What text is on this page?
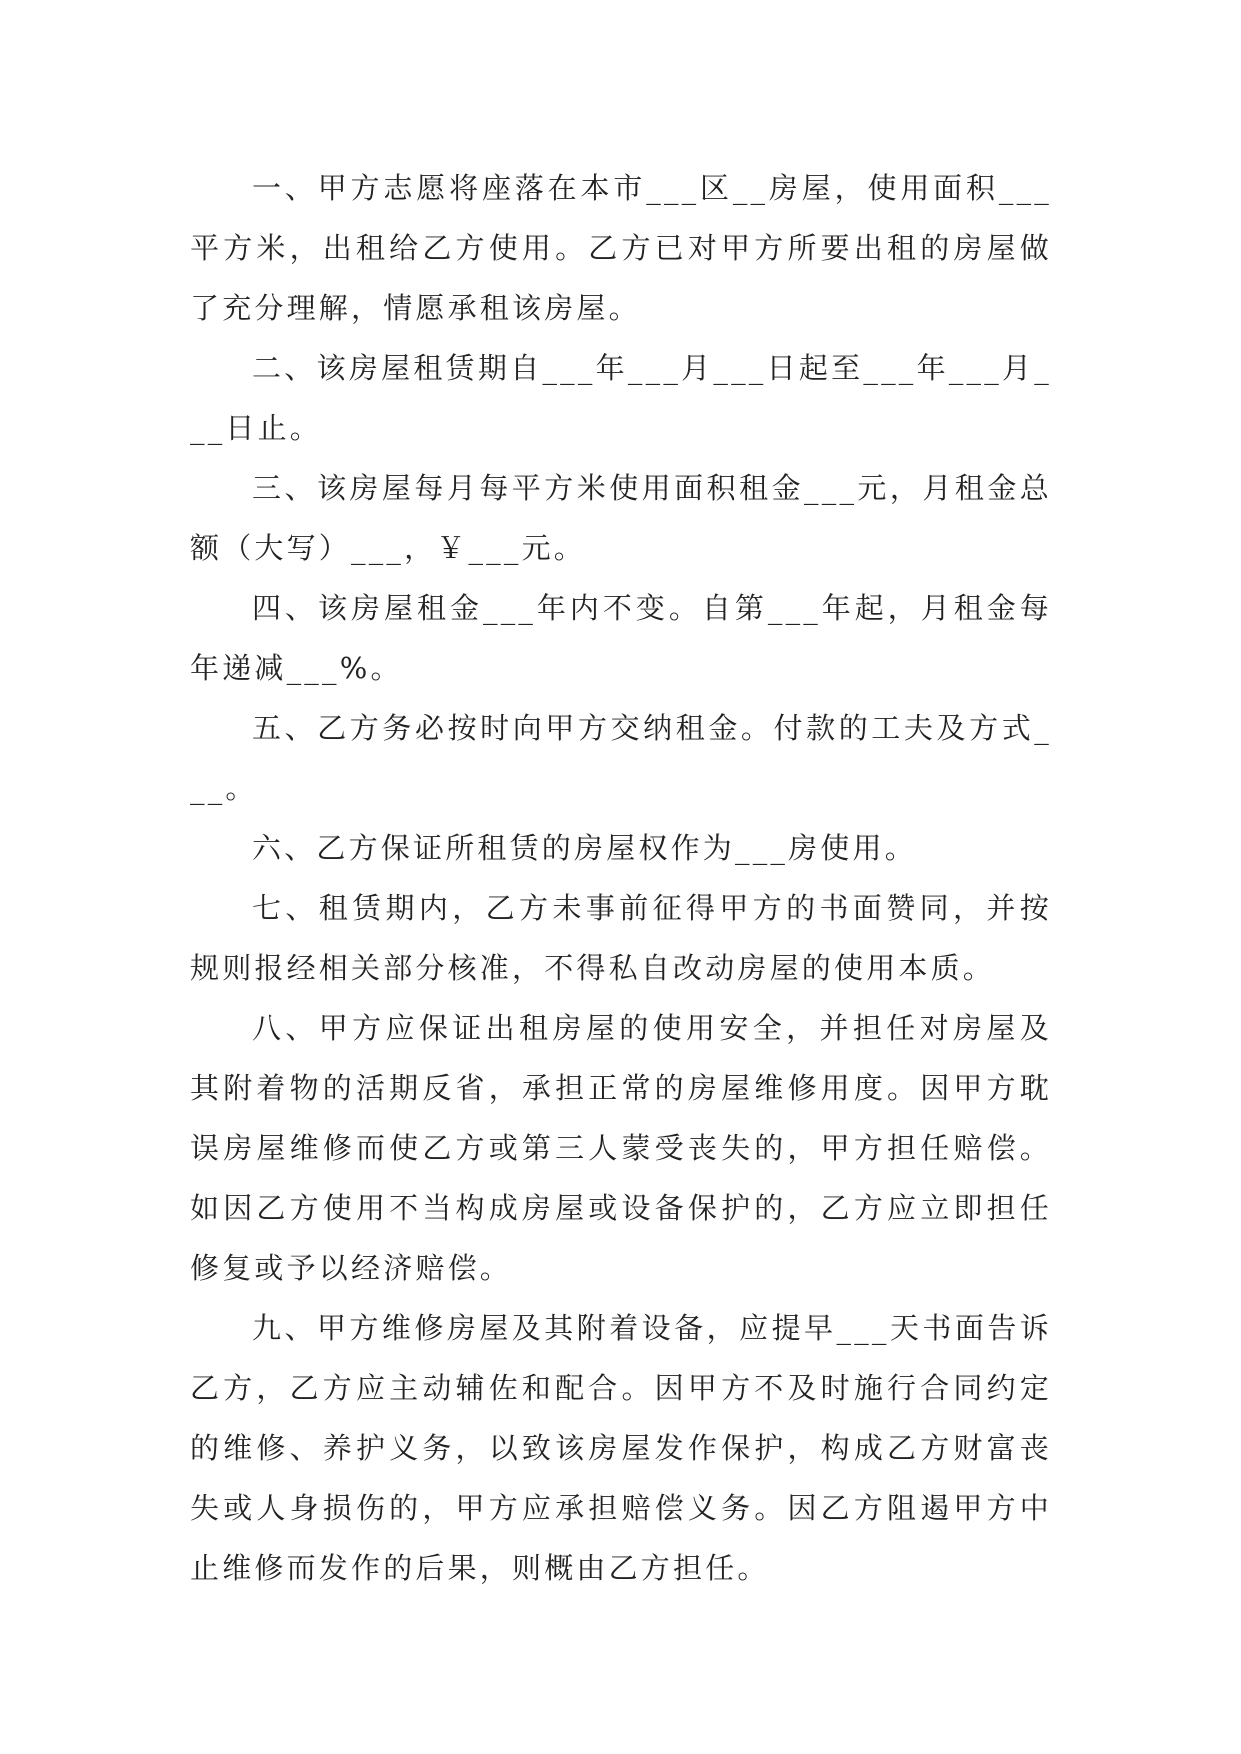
一、甲方志愿将座落在本市___区__房屋，使用面积___平方米，出租给乙方使用。乙方已对甲方所要出租的房屋做了充分理解，情愿承租该房屋。

二、该房屋租赁期自___年___月___日起至___年___月___日止。

三、该房屋每月每平方米使用面积租金___元，月租金总额（大写）___，￥___元。

四、该房屋租金___年内不变。自第___年起，月租金每年递减___%。

五、乙方务必按时向甲方交纳租金。付款的工夫及方式___。

六、乙方保证所租赁的房屋权作为___房使用。

七、租赁期内，乙方未事前征得甲方的书面赞同，并按规则报经相关部分核准，不得私自改动房屋的使用本质。

八、甲方应保证出租房屋的使用安全，并担任对房屋及其附着物的活期反省，承担正常的房屋维修用度。因甲方耽误房屋维修而使乙方或第三人蒙受丧失的，甲方担任赔偿。如因乙方使用不当构成房屋或设备保护的，乙方应立即担任修复或予以经济赔偿。

九、甲方维修房屋及其附着设备，应提早___天书面告诉乙方，乙方应主动辅佐和配合。因甲方不及时施行合同约定的维修、养护义务，以致该房屋发作保护，构成乙方财富丧失或人身损伤的，甲方应承担赔偿义务。因乙方阻遏甲方中止维修而发作的后果，则概由乙方担任。
